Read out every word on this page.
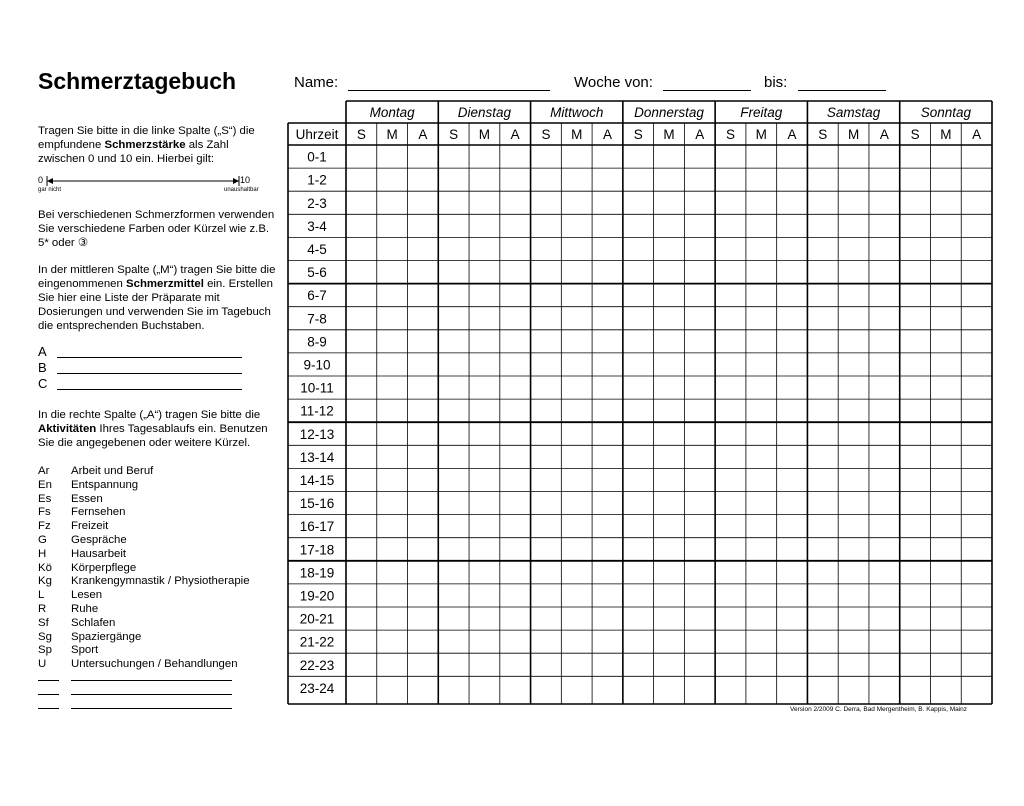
Schmerztagebuch	Name:	Woche von:	bis:
Tragen Sie bitte in die linke Spalte („S“) die empfundene Schmerzstärke als Zahl zwischen 0 und 10 ein. Hierbei gilt:
0	10
gar nicht	unaushaltbar
Bei verschiedenen Schmerzformen verwenden Sie verschiedene Farben oder Kürzel wie z.B. 5* oder ③
In der mittleren Spalte („M“) tragen Sie bitte die eingenommenen Schmerzmittel ein. Erstellen Sie hier eine Liste der Präparate mit Dosierungen und verwenden Sie im Tagebuch die entsprechenden Buchstaben.
A
B
C
In die rechte Spalte („A“) tragen Sie bitte die Aktivitäten Ihres Tagesablaufs ein. Benutzen Sie die angegebenen oder weitere Kürzel.
Ar Arbeit und Beruf
En Entspannung
Es Essen
Fs Fernsehen
Fz Freizeit
G Gespräche
H Hausarbeit
Kö Körperpflege
Kg Krankengymnastik / Physiotherapie
L Lesen
R Ruhe
Sf Schlafen
Sg Spaziergänge
Sp Sport
U Untersuchungen / Behandlungen
Montag	Dienstag	Mittwoch Donnerstag	Freitag	Samstag	Sonntag
Uhrzeit S M A S M A S M A S M A S M A S M A S M A
0-1
1-2
2-3
3-4
4-5
5-6
6-7
7-8
8-9
9-10
10-11
11-12
12-13
13-14
14-15
15-16
16-17
17-18
18-19
19-20
20-21
21-22
22-23
23-24
Version 2/2009 C. Derra, Bad Mergentheim, B. Kappis, Mainz
